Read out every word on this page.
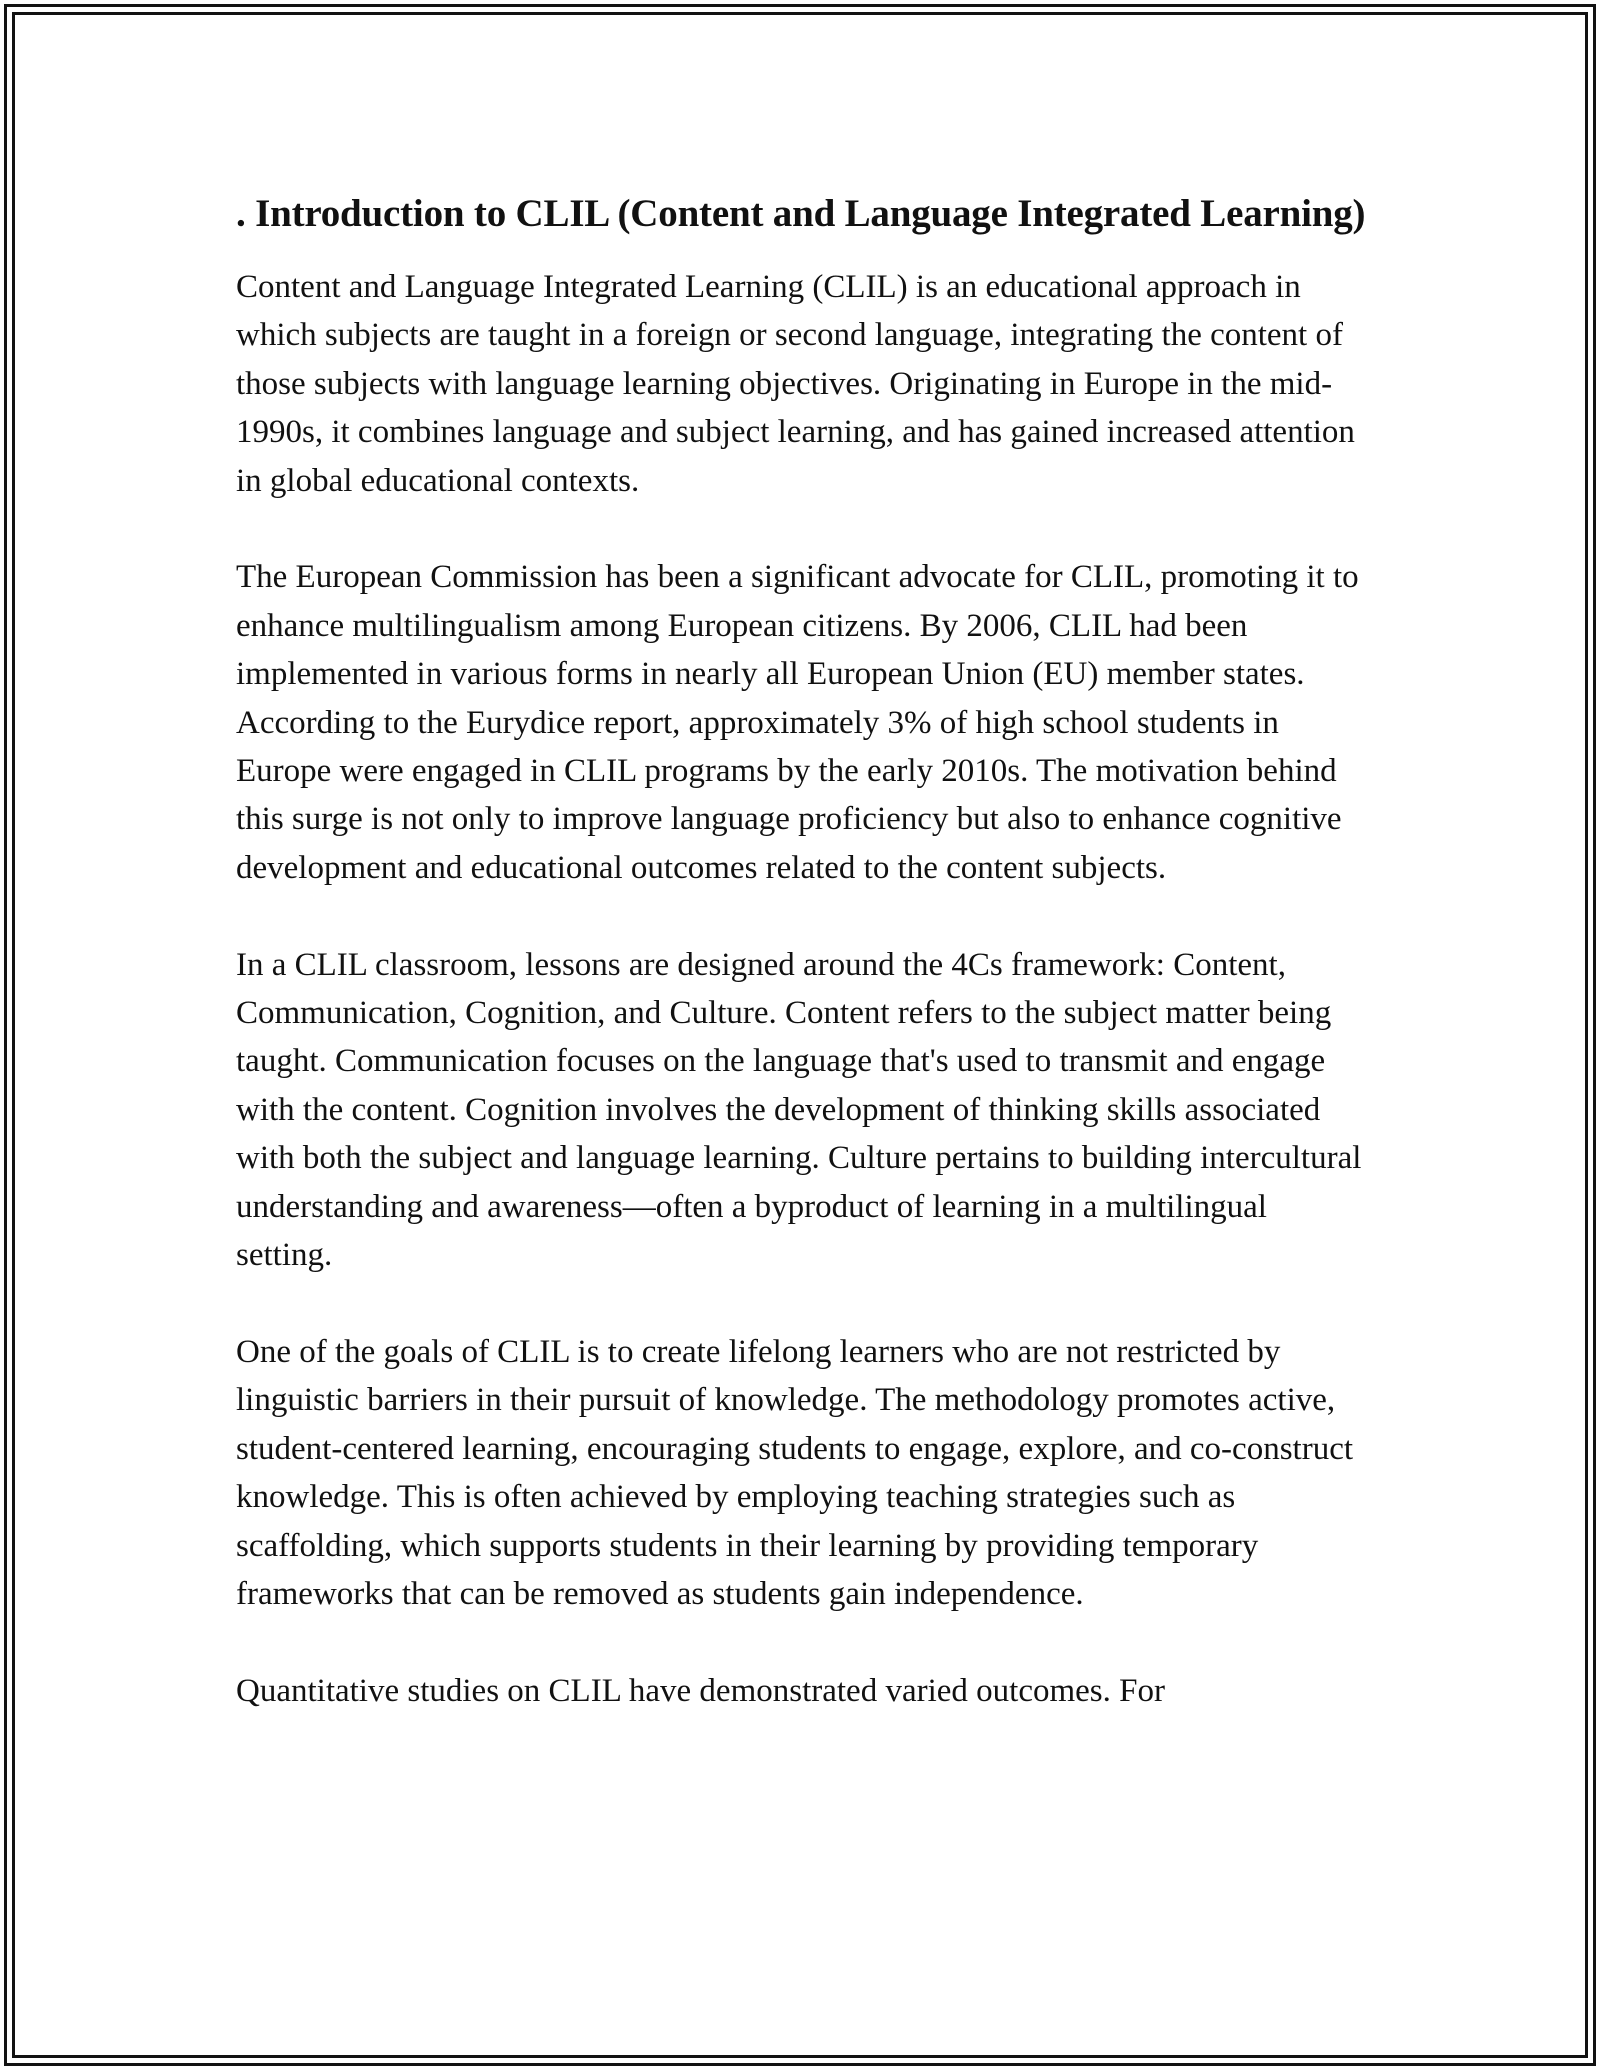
. Introduction to CLIL (Content and Language Integrated Learning)

Content and Language Integrated Learning (CLIL) is an educational approach in which subjects are taught in a foreign or second language, integrating the content of those subjects with language learning objectives. Originating in Europe in the mid-1990s, it combines language and subject learning, and has gained increased attention in global educational contexts.

The European Commission has been a significant advocate for CLIL, promoting it to enhance multilingualism among European citizens. By 2006, CLIL had been implemented in various forms in nearly all European Union (EU) member states. According to the Eurydice report, approximately 3% of high school students in Europe were engaged in CLIL programs by the early 2010s. The motivation behind this surge is not only to improve language proficiency but also to enhance cognitive development and educational outcomes related to the content subjects.

In a CLIL classroom, lessons are designed around the 4Cs framework: Content, Communication, Cognition, and Culture. Content refers to the subject matter being taught. Communication focuses on the language that's used to transmit and engage with the content. Cognition involves the development of thinking skills associated with both the subject and language learning. Culture pertains to building intercultural understanding and awareness—often a byproduct of learning in a multilingual setting.

One of the goals of CLIL is to create lifelong learners who are not restricted by linguistic barriers in their pursuit of knowledge. The methodology promotes active, student-centered learning, encouraging students to engage, explore, and co-construct knowledge. This is often achieved by employing teaching strategies such as scaffolding, which supports students in their learning by providing temporary frameworks that can be removed as students gain independence.

Quantitative studies on CLIL have demonstrated varied outcomes. For
